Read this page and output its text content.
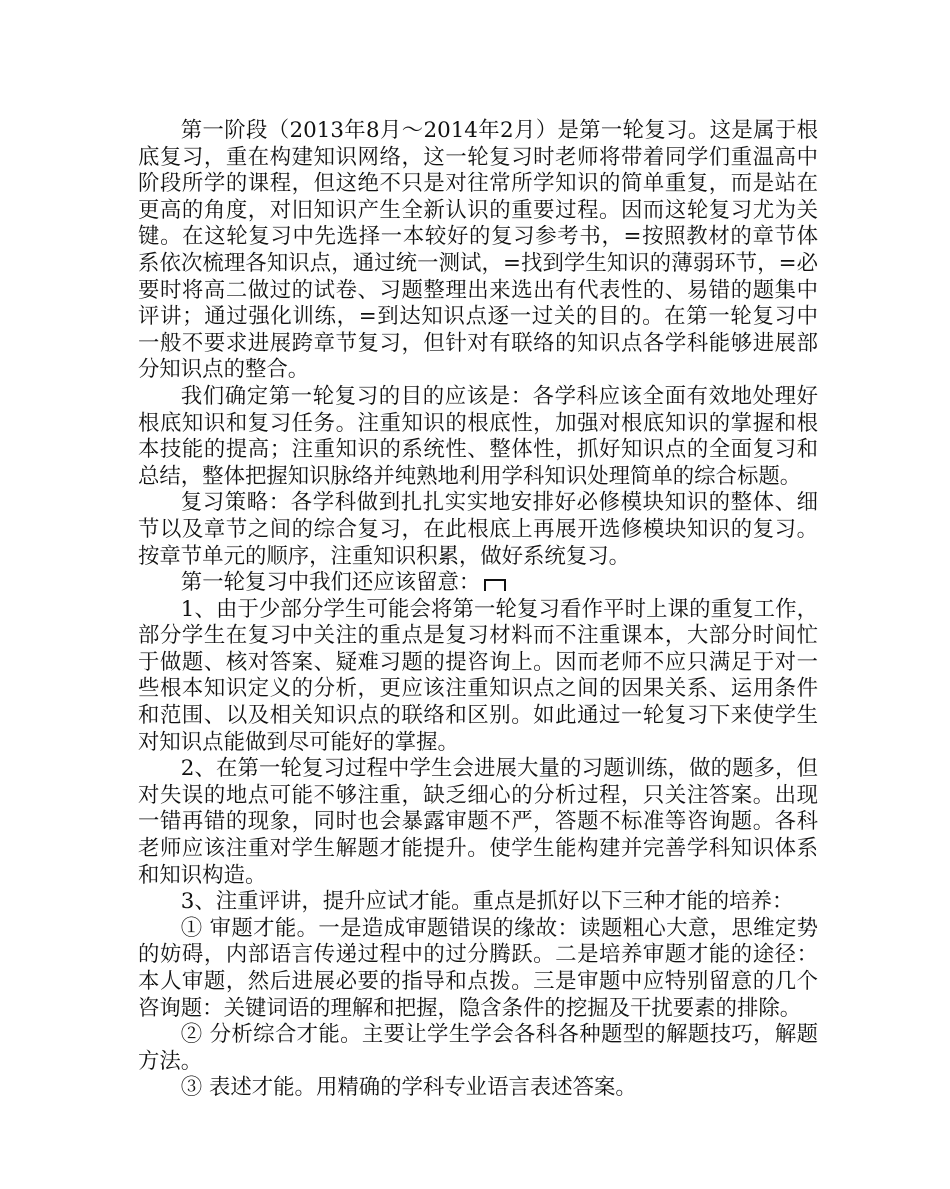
第一阶段（2013年8月～2014年2月）是第一轮复习。这是属于根底复习，重在构建知识网络，这一轮复习时老师将带着同学们重温高中阶段所学的课程，但这绝不只是对往常所学知识的简单重复，而是站在更高的角度，对旧知识产生全新认识的重要过程。因而这轮复习尤为关键。在这轮复习中先选择一本较好的复习参考书，=按照教材的章节体系依次梳理各知识点，通过统一测试，=找到学生知识的薄弱环节，=必要时将高二做过的试卷、习题整理出来选出有代表性的、易错的题集中评讲；通过强化训练，=到达知识点逐一过关的目的。在第一轮复习中一般不要求进展跨章节复习，但针对有联络的知识点各学科能够进展部分知识点的整合。

我们确定第一轮复习的目的应该是：各学科应该全面有效地处理好根底知识和复习任务。注重知识的根底性，加强对根底知识的掌握和根本技能的提高；注重知识的系统性、整体性，抓好知识点的全面复习和总结，整体把握知识脉络并纯熟地利用学科知识处理简单的综合标题。

复习策略：各学科做到扎扎实实地安排好必修模块知识的整体、细节以及章节之间的综合复习，在此根底上再展开选修模块知识的复习。按章节单元的顺序，注重知识积累，做好系统复习。

第一轮复习中我们还应该留意：

1、由于少部分学生可能会将第一轮复习看作平时上课的重复工作，部分学生在复习中关注的重点是复习材料而不注重课本，大部分时间忙于做题、核对答案、疑难习题的提咨询上。因而老师不应只满足于对一些根本知识定义的分析，更应该注重知识点之间的因果关系、运用条件和范围、以及相关知识点的联络和区别。如此通过一轮复习下来使学生对知识点能做到尽可能好的掌握。

2、在第一轮复习过程中学生会进展大量的习题训练，做的题多，但对失误的地点可能不够注重，缺乏细心的分析过程，只关注答案。出现一错再错的现象，同时也会暴露审题不严，答题不标准等咨询题。各科老师应该注重对学生解题才能提升。使学生能构建并完善学科知识体系和知识构造。

3、注重评讲，提升应试才能。重点是抓好以下三种才能的培养：

① 审题才能。一是造成审题错误的缘故：读题粗心大意，思维定势的妨碍，内部语言传递过程中的过分腾跃。二是培养审题才能的途径：本人审题，然后进展必要的指导和点拨。三是审题中应特别留意的几个咨询题：关键词语的理解和把握，隐含条件的挖掘及干扰要素的排除。

② 分析综合才能。主要让学生学会各科各种题型的解题技巧，解题方法。

③ 表述才能。用精确的学科专业语言表述答案。
